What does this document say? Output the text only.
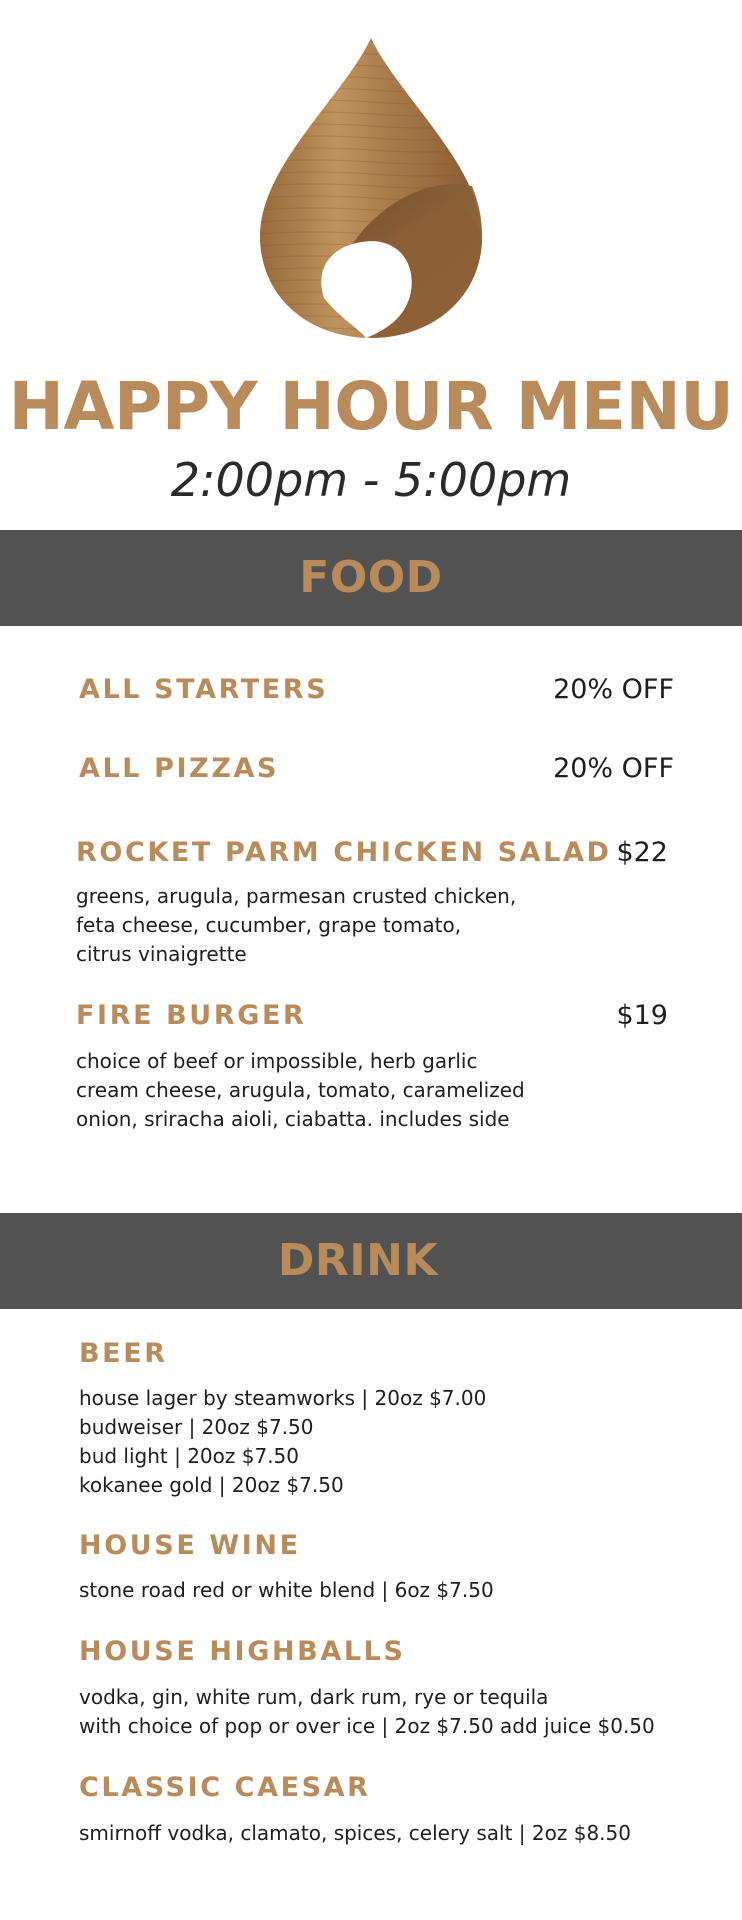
HAPPY HOUR MENU

2:00pm - 5:00pm

FOOD

ALL STARTERS	20% OFF

ALL PIZZAS	20% OFF

ROCKET PARM CHICKEN SALAD $22

greens, arugula, parmesan crusted chicken,
feta cheese, cucumber, grape tomato,
citrus vinaigrette

FIRE BURGER	$19

choice of beef or impossible, herb garlic
cream cheese, arugula, tomato, caramelized
onion, sriracha aioli, ciabatta. includes side

DRINK

BEER

house lager by steamworks | 20oz $7.00
budweiser | 20oz $7.50
bud light | 20oz $7.50
kokanee gold | 20oz $7.50

HOUSE WINE

stone road red or white blend | 6oz $7.50

HOUSE HIGHBALLS

vodka, gin, white rum, dark rum, rye or tequila
with choice of pop or over ice | 2oz $7.50 add juice $0.50

CLASSIC CAESAR

smirnoff vodka, clamato, spices, celery salt | 2oz $8.50
